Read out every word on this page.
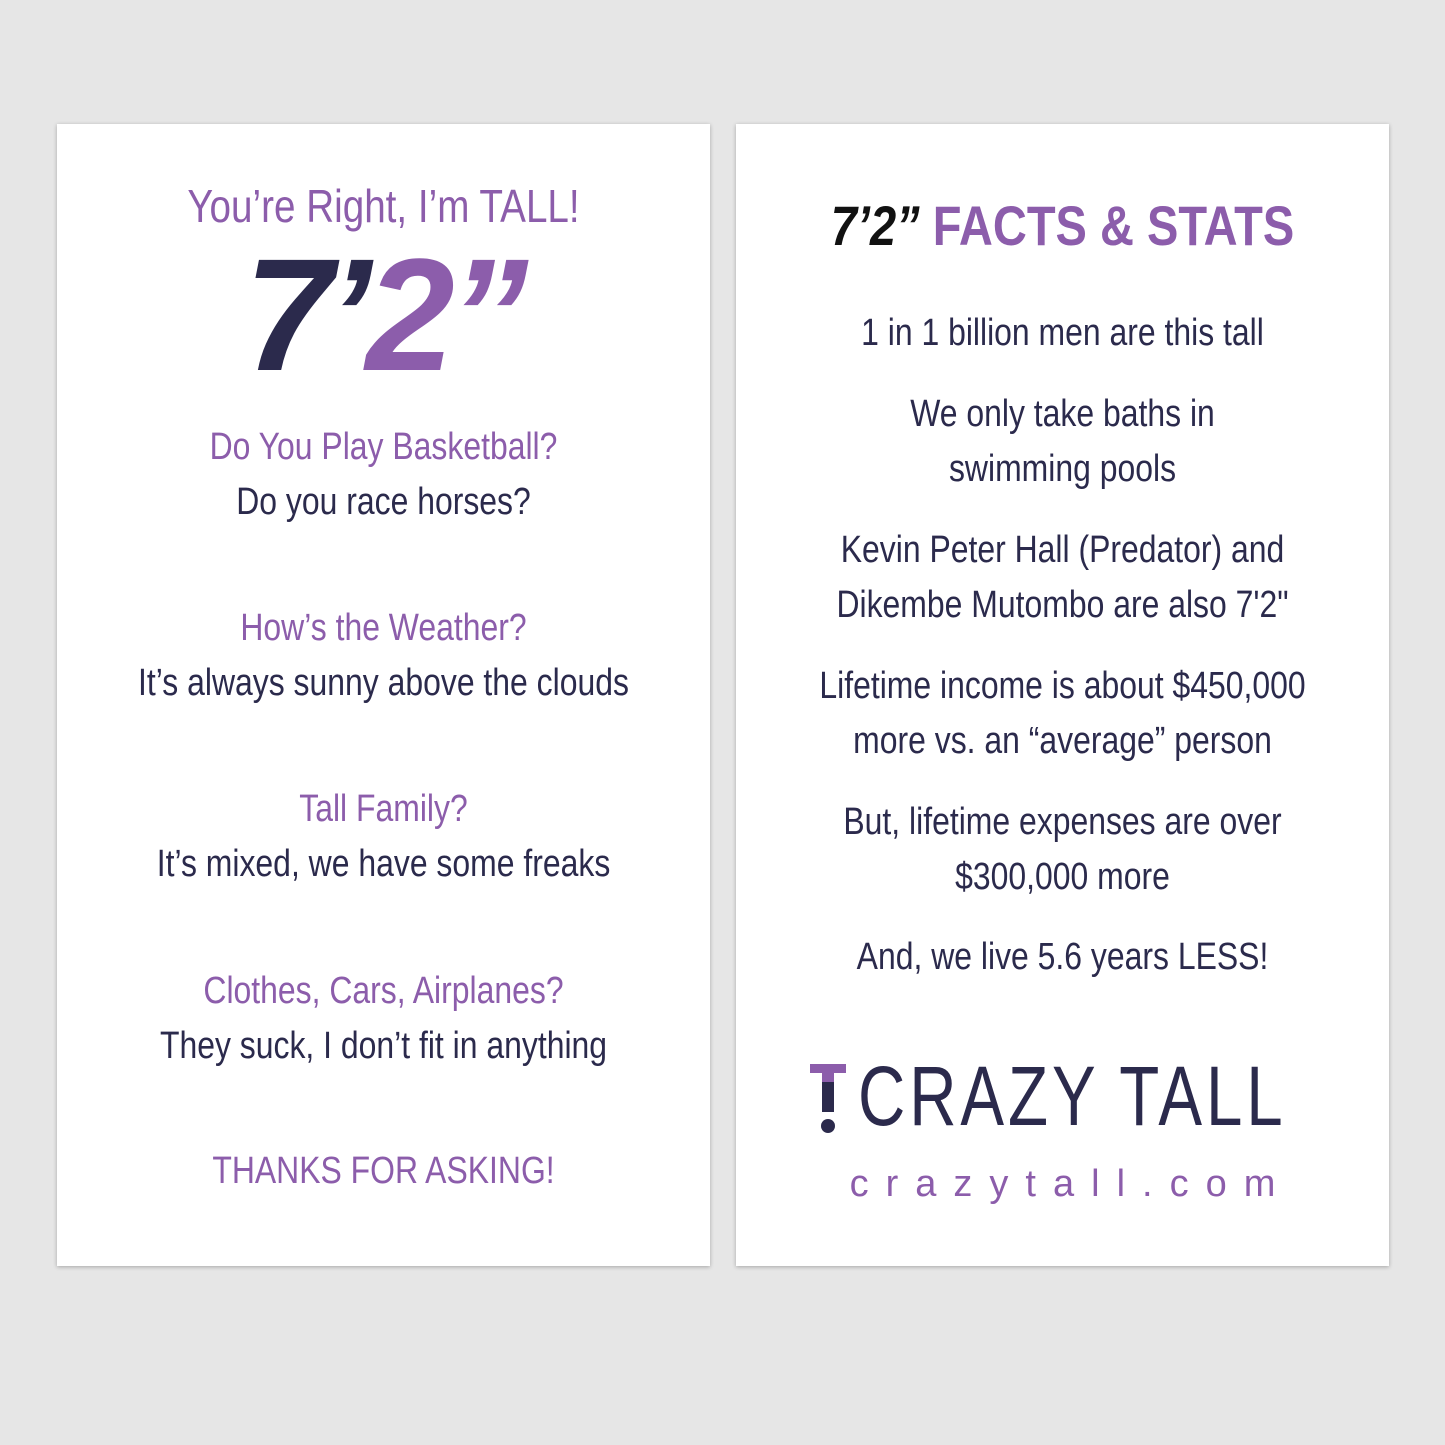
You’re Right, I’m TALL!
7’2”
Do You Play Basketball?
Do you race horses?
How’s the Weather?
It’s always sunny above the clouds
Tall Family?
It’s mixed, we have some freaks
Clothes, Cars, Airplanes?
They suck, I don’t fit in anything
THANKS FOR ASKING!
7’2” FACTS & STATS
1 in 1 billion men are this tall
We only take baths in
swimming pools
Kevin Peter Hall (Predator) and
Dikembe Mutombo are also 7'2"
Lifetime income is about $450,000
more vs. an “average” person
But, lifetime expenses are over
$300,000 more
And, we live 5.6 years LESS!
CRAZY TALL
crazytall.com
